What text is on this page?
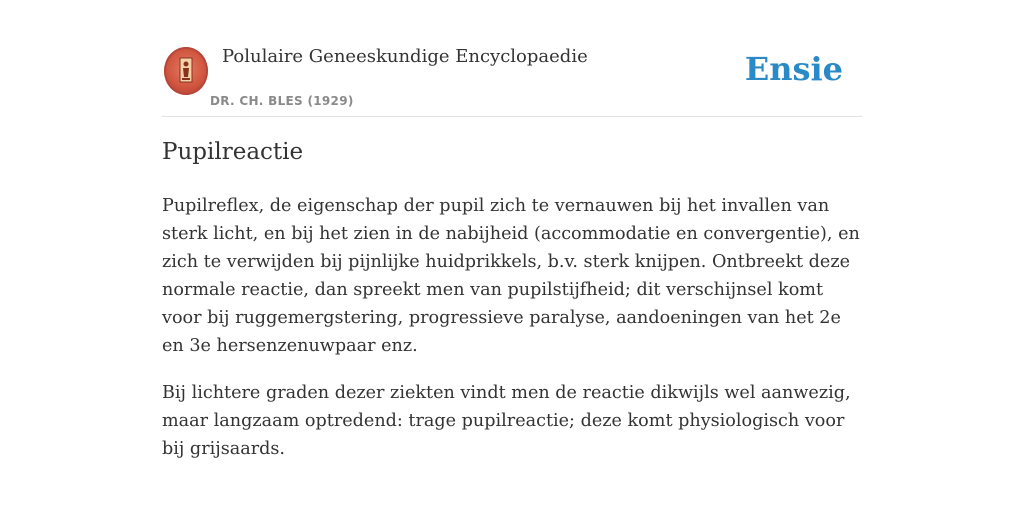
Polulaire Geneeskundige Encyclopaedie
DR. CH. BLES (1929)
Ensie
Pupilreactie

Pupilreflex, de eigenschap der pupil zich te vernauwen bij het invallen van sterk licht, en bij het zien in de nabijheid (accommodatie en convergentie), en zich te verwijden bij pijnlijke huidprikkels, b.v. sterk knijpen. Ontbreekt deze normale reactie, dan spreekt men van pupilstijfheid; dit verschijnsel komt voor bij ruggemergstering, progressieve paralyse, aandoeningen van het 2e en 3e hersenzenuwpaar enz.

Bij lichtere graden dezer ziekten vindt men de reactie dikwijls wel aanwezig, maar langzaam optredend: trage pupilreactie; deze komt physiologisch voor bij grijsaards.
